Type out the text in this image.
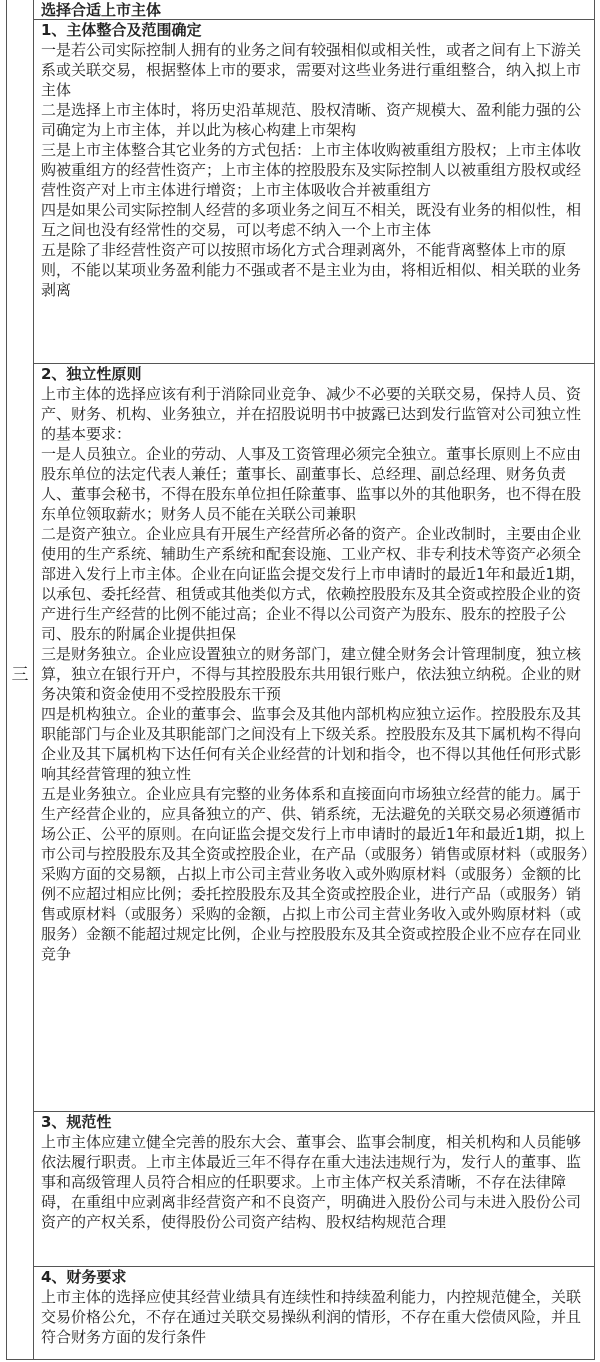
三
选择合适上市主体

1、主体整合及范围确定

一是若公司实际控制人拥有的业务之间有较强相似或相关性，或者之间有上下游关系或关联交易，根据整体上市的要求，需要对这些业务进行重组整合，纳入拟上市主体

二是选择上市主体时，将历史沿革规范、股权清晰、资产规模大、盈利能力强的公司确定为上市主体，并以此为核心构建上市架构

三是上市主体整合其它业务的方式包括：上市主体收购被重组方股权；上市主体收购被重组方的经营性资产；上市主体的控股股东及实际控制人以被重组方股权或经营性资产对上市主体进行增资；上市主体吸收合并被重组方

四是如果公司实际控制人经营的多项业务之间互不相关，既没有业务的相似性，相互之间也没有经常性的交易，可以考虑不纳入一个上市主体

五是除了非经营性资产可以按照市场化方式合理剥离外，不能背离整体上市的原则，不能以某项业务盈利能力不强或者不是主业为由，将相近相似、相关联的业务剥离

2、独立性原则

上市主体的选择应该有利于消除同业竞争、减少不必要的关联交易，保持人员、资产、财务、机构、业务独立，并在招股说明书中披露已达到发行监管对公司独立性的基本要求：

一是人员独立。企业的劳动、人事及工资管理必须完全独立。董事长原则上不应由股东单位的法定代表人兼任；董事长、副董事长、总经理、副总经理、财务负责人、董事会秘书，不得在股东单位担任除董事、监事以外的其他职务，也不得在股东单位领取薪水；财务人员不能在关联公司兼职

二是资产独立。企业应具有开展生产经营所必备的资产。企业改制时，主要由企业使用的生产系统、辅助生产系统和配套设施、工业产权、非专利技术等资产必须全部进入发行上市主体。企业在向证监会提交发行上市申请时的最近1年和最近1期，以承包、委托经营、租赁或其他类似方式，依赖控股股东及其全资或控股企业的资产进行生产经营的比例不能过高；企业不得以公司资产为股东、股东的控股子公司、股东的附属企业提供担保

三是财务独立。企业应设置独立的财务部门，建立健全财务会计管理制度，独立核算，独立在银行开户，不得与其控股股东共用银行账户，依法独立纳税。企业的财务决策和资金使用不受控股股东干预

四是机构独立。企业的董事会、监事会及其他内部机构应独立运作。控股股东及其职能部门与企业及其职能部门之间没有上下级关系。控股股东及其下属机构不得向企业及其下属机构下达任何有关企业经营的计划和指令，也不得以其他任何形式影响其经营管理的独立性

五是业务独立。企业应具有完整的业务体系和直接面向市场独立经营的能力。属于生产经营企业的，应具备独立的产、供、销系统，无法避免的关联交易必须遵循市场公正、公平的原则。在向证监会提交发行上市申请时的最近1年和最近1期，拟上市公司与控股股东及其全资或控股企业，在产品（或服务）销售或原材料（或服务）采购方面的交易额，占拟上市公司主营业务收入或外购原材料（或服务）金额的比例不应超过相应比例；委托控股股东及其全资或控股企业，进行产品（或服务）销售或原材料（或服务）采购的金额，占拟上市公司主营业务收入或外购原材料（或服务）金额不能超过规定比例，企业与控股股东及其全资或控股企业不应存在同业竞争

3、规范性

上市主体应建立健全完善的股东大会、董事会、监事会制度，相关机构和人员能够依法履行职责。上市主体最近三年不得存在重大违法违规行为，发行人的董事、监事和高级管理人员符合相应的任职要求。上市主体产权关系清晰，不存在法律障碍，在重组中应剥离非经营资产和不良资产，明确进入股份公司与未进入股份公司资产的产权关系，使得股份公司资产结构、股权结构规范合理

4、财务要求

上市主体的选择应使其经营业绩具有连续性和持续盈利能力，内控规范健全，关联交易价格公允，不存在通过关联交易操纵利润的情形，不存在重大偿债风险，并且符合财务方面的发行条件
